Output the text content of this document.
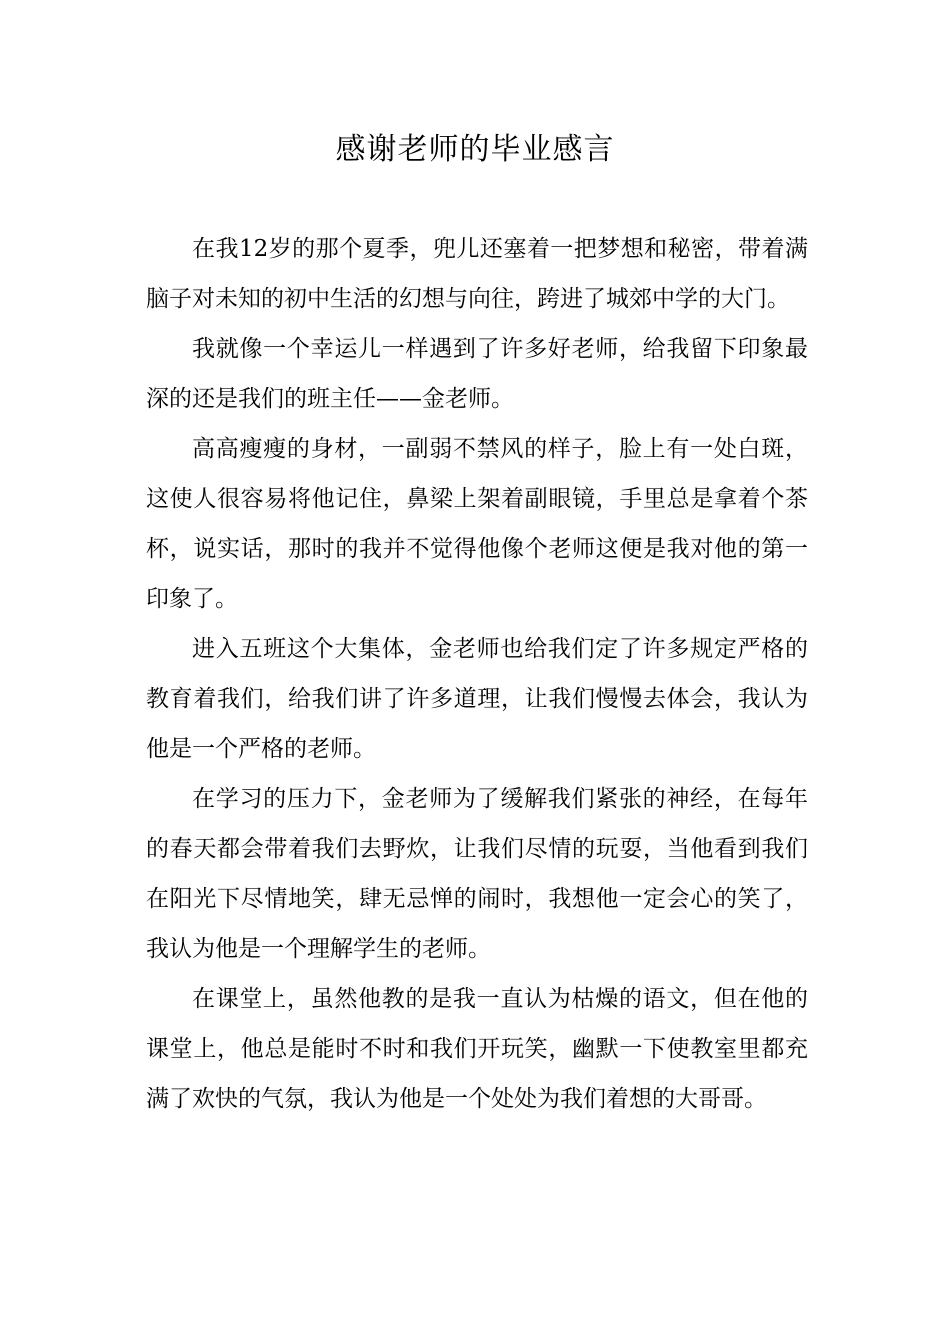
感谢老师的毕业感言

在我12岁的那个夏季，兜儿还塞着一把梦想和秘密，带着满脑子对未知的初中生活的幻想与向往，跨进了城郊中学的大门。

我就像一个幸运儿一样遇到了许多好老师，给我留下印象最深的还是我们的班主任——金老师。

高高瘦瘦的身材，一副弱不禁风的样子，脸上有一处白斑，这使人很容易将他记住，鼻梁上架着副眼镜，手里总是拿着个茶杯，说实话，那时的我并不觉得他像个老师这便是我对他的第一印象了。

进入五班这个大集体，金老师也给我们定了许多规定严格的教育着我们，给我们讲了许多道理，让我们慢慢去体会，我认为他是一个严格的老师。

在学习的压力下，金老师为了缓解我们紧张的神经，在每年的春天都会带着我们去野炊，让我们尽情的玩耍，当他看到我们在阳光下尽情地笑，肆无忌惮的闹时，我想他一定会心的笑了，我认为他是一个理解学生的老师。

在课堂上，虽然他教的是我一直认为枯燥的语文，但在他的课堂上，他总是能时不时和我们开玩笑，幽默一下使教室里都充满了欢快的气氛，我认为他是一个处处为我们着想的大哥哥。
